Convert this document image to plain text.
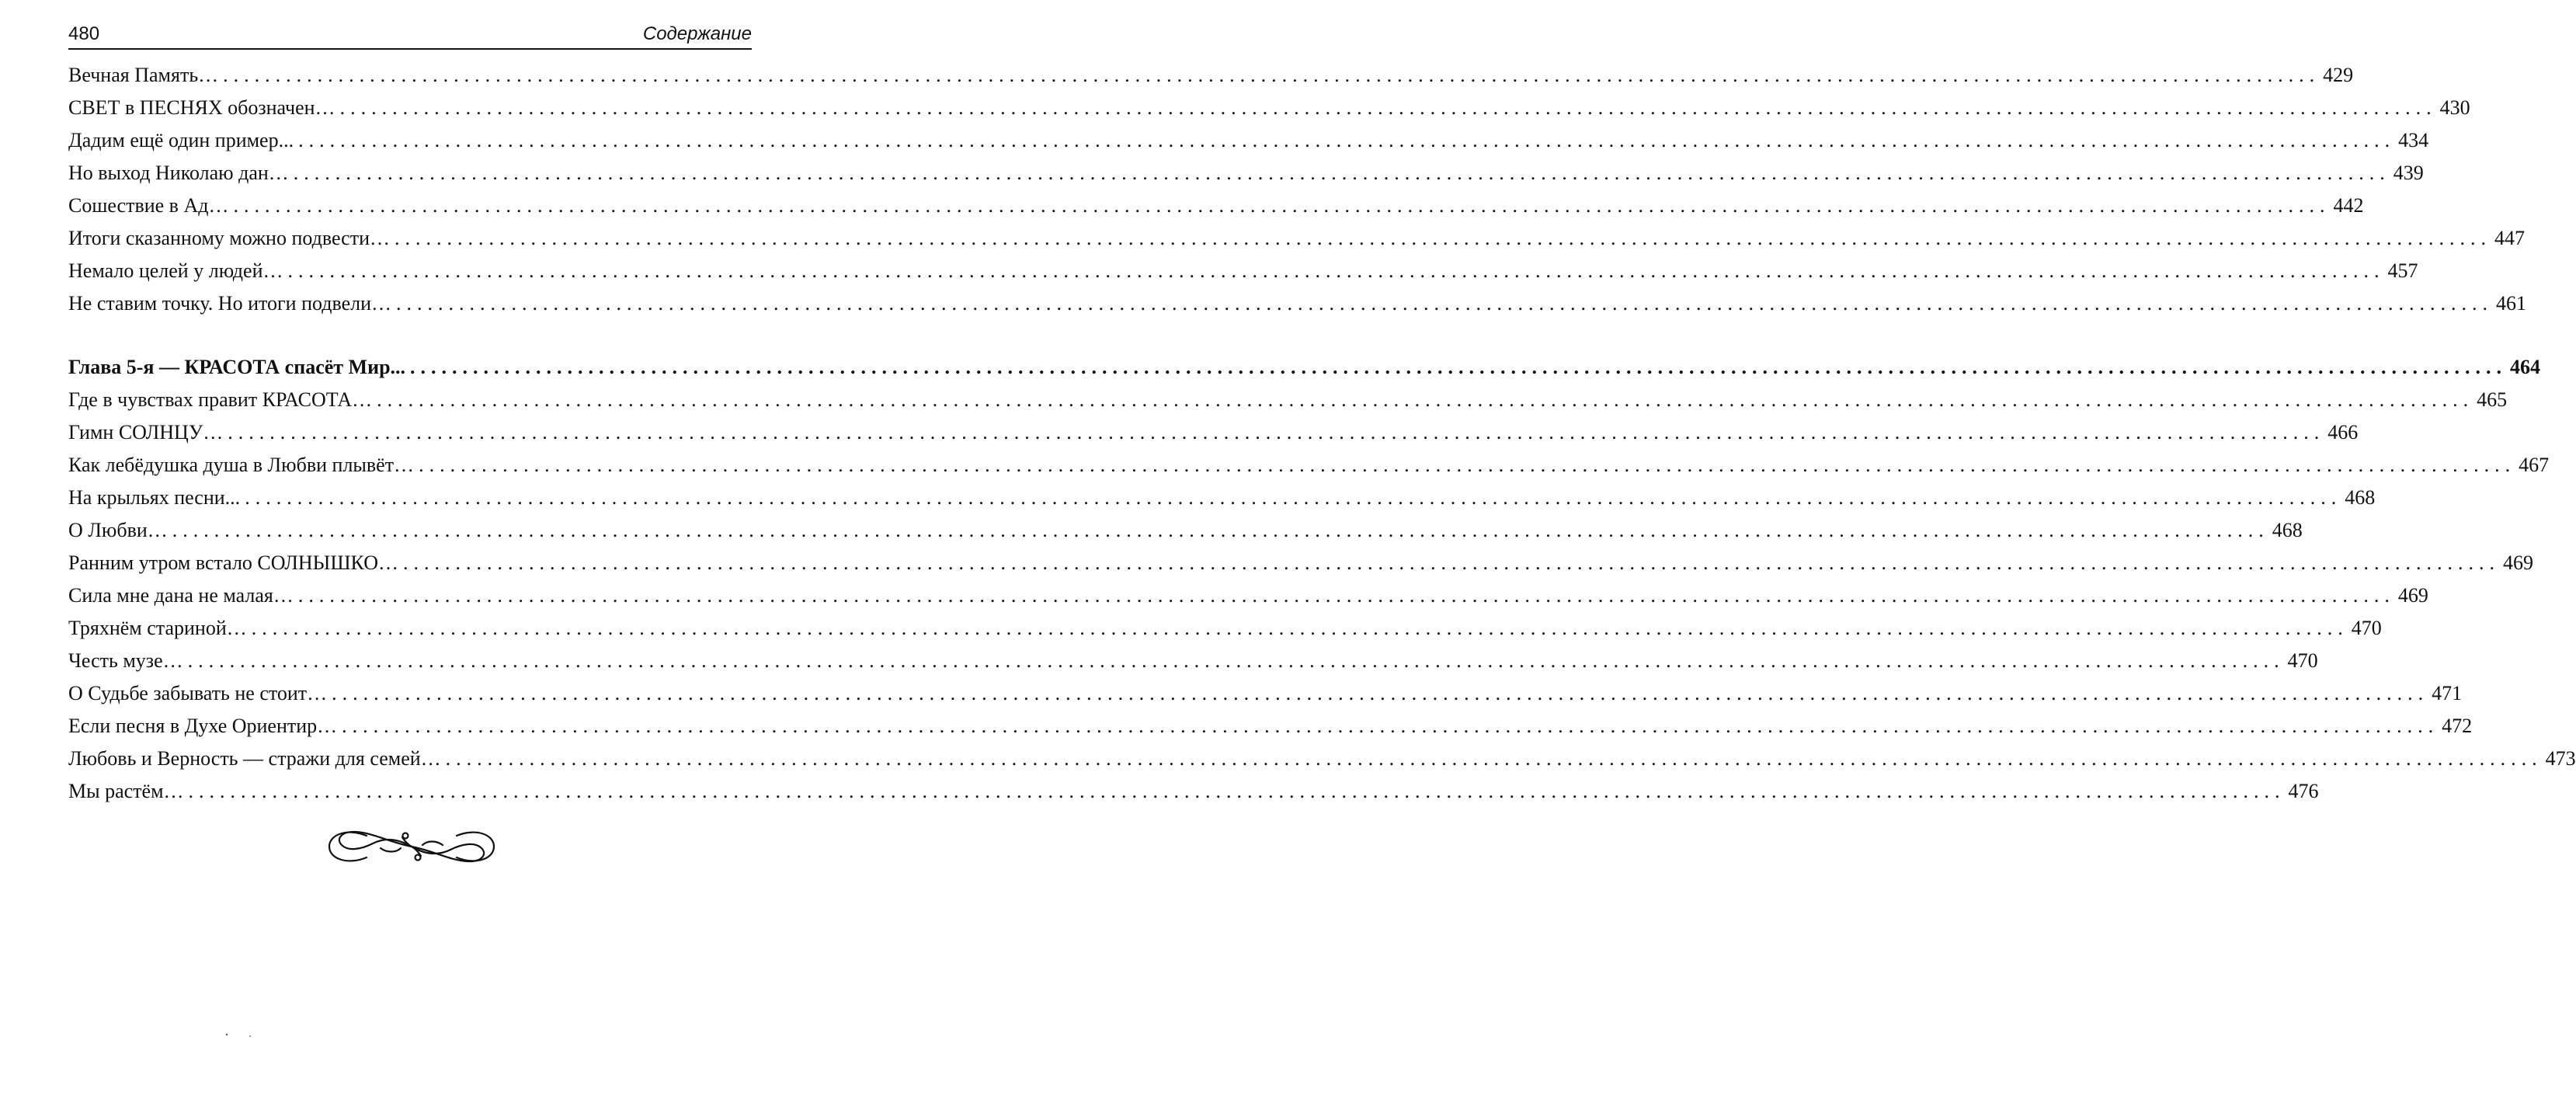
480	Содержание
Вечная Память… ........................................................................................................................................................................................................ 429
СВЕТ в ПЕСНЯХ обозначен… ........................................................................................................................................................................................................ 430
Дадим ещё один пример... ........................................................................................................................................................................................................ 434
Но выход Николаю дан… ........................................................................................................................................................................................................ 439
Сошествие в Ад… ........................................................................................................................................................................................................ 442
Итоги сказанному можно подвести… ........................................................................................................................................................................................................ 447
Немало целей у людей… ........................................................................................................................................................................................................ 457
Не ставим точку. Но итоги подвели… ........................................................................................................................................................................................................ 461
Глава 5-я — КРАСОТА спасёт Мир... ........................................................................................................................................................................................................ 464
Где в чувствах правит КРАСОТА… ........................................................................................................................................................................................................ 465
Гимн СОЛНЦУ… ........................................................................................................................................................................................................ 466
Как лебёдушка душа в Любви плывёт… ........................................................................................................................................................................................................ 467
На крыльях песни... ........................................................................................................................................................................................................ 468
О Любви… ........................................................................................................................................................................................................ 468
Ранним утром встало СОЛНЫШКО… ........................................................................................................................................................................................................ 469
Сила мне дана не малая… ........................................................................................................................................................................................................ 469
Тряхнём стариной… ........................................................................................................................................................................................................ 470
Честь музе… ........................................................................................................................................................................................................ 470
О Судьбе забывать не стоит… ........................................................................................................................................................................................................ 471
Если песня в Духе Ориентир… ........................................................................................................................................................................................................ 472
Любовь и Верность — стражи для семей… ........................................................................................................................................................................................................ 473
Мы растём… ........................................................................................................................................................................................................ 476
